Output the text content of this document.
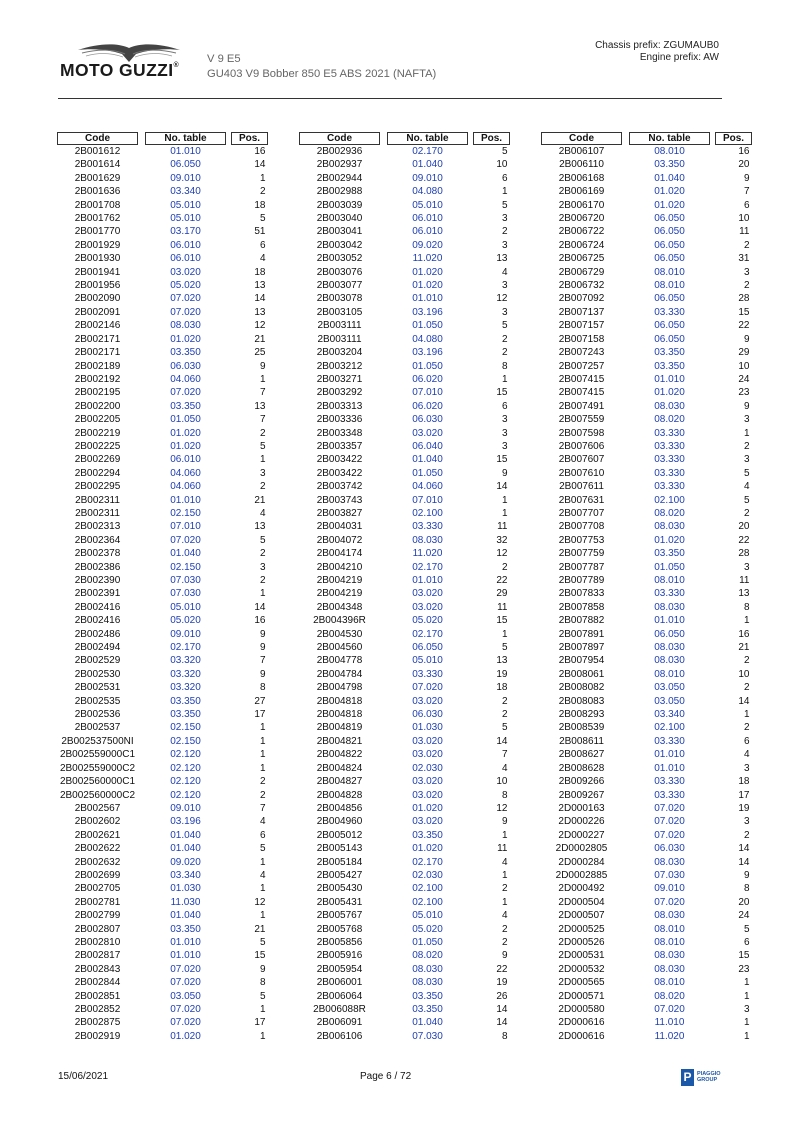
MOTO GUZZI®
V 9 E5
GU403 V9 Bobber 850 E5 ABS 2021 (NAFTA)
Chassis prefix: ZGUMAUB0
Engine prefix: AW
Code		No. table		Pos.
2B001612		01.010		16
2B001614		06.050		14
2B001629		09.010		1
2B001636		03.340		2
2B001708		05.010		18
2B001762		05.010		5
2B001770		03.170		51
2B001929		06.010		6
2B001930		06.010		4
2B001941		03.020		18
2B001956		05.020		13
2B002090		07.020		14
2B002091		07.020		13
2B002146		08.030		12
2B002171		01.020		21
2B002171		03.350		25
2B002189		06.030		9
2B002192		04.060		1
2B002195		07.020		7
2B002200		03.350		13
2B002205		01.050		7
2B002219		01.020		2
2B002225		01.020		5
2B002269		06.010		1
2B002294		04.060		3
2B002295		04.060		2
2B002311		01.010		21
2B002311		02.150		4
2B002313		07.010		13
2B002364		07.020		5
2B002378		01.040		2
2B002386		02.150		3
2B002390		07.030		2
2B002391		07.030		1
2B002416		05.010		14
2B002416		05.020		16
2B002486		09.010		9
2B002494		02.170		9
2B002529		03.320		7
2B002530		03.320		9
2B002531		03.320		8
2B002535		03.350		27
2B002536		03.350		17
2B002537		02.150		1
2B002537500NI		02.150		1
2B002559000C1		02.120		1
2B002559000C2		02.120		1
2B002560000C1		02.120		2
2B002560000C2		02.120		2
2B002567		09.010		7
2B002602		03.196		4
2B002621		01.040		6
2B002622		01.040		5
2B002632		09.020		1
2B002699		03.340		4
2B002705		01.030		1
2B002781		11.030		12
2B002799		01.040		1
2B002807		03.350		21
2B002810		01.010		5
2B002817		01.010		15
2B002843		07.020		9
2B002844		07.020		8
2B002851		03.050		5
2B002852		07.020		1
2B002875		07.020		17
2B002919		01.020		1
Code		No. table		Pos.
2B002936		02.170		5
2B002937		01.040		10
2B002944		09.010		6
2B002988		04.080		1
2B003039		05.010		5
2B003040		06.010		3
2B003041		06.010		2
2B003042		09.020		3
2B003052		11.020		13
2B003076		01.020		4
2B003077		01.020		3
2B003078		01.010		12
2B003105		03.196		3
2B003111		01.050		5
2B003111		04.080		2
2B003204		03.196		2
2B003212		01.050		8
2B003271		06.020		1
2B003292		07.010		15
2B003313		06.020		6
2B003336		06.030		3
2B003348		03.020		3
2B003357		06.040		3
2B003422		01.040		15
2B003422		01.050		9
2B003742		04.060		14
2B003743		07.010		1
2B003827		02.100		1
2B004031		03.330		11
2B004072		08.030		32
2B004174		11.020		12
2B004210		02.170		2
2B004219		01.010		22
2B004219		03.020		29
2B004348		03.020		11
2B004396R		05.020		15
2B004530		02.170		1
2B004560		06.050		5
2B004778		05.010		13
2B004784		03.330		19
2B004798		07.020		18
2B004818		03.020		2
2B004818		06.030		2
2B004819		01.030		5
2B004821		03.020		14
2B004822		03.020		7
2B004824		02.030		4
2B004827		03.020		10
2B004828		03.020		8
2B004856		01.020		12
2B004960		03.020		9
2B005012		03.350		1
2B005143		01.020		11
2B005184		02.170		4
2B005427		02.030		1
2B005430		02.100		2
2B005431		02.100		1
2B005767		05.010		4
2B005768		05.020		2
2B005856		01.050		2
2B005916		08.020		9
2B005954		08.030		22
2B006001		08.030		19
2B006064		03.350		26
2B006088R		03.350		14
2B006091		01.040		14
2B006106		07.030		8
Code		No. table		Pos.
2B006107		08.010		16
2B006110		03.350		20
2B006168		01.040		9
2B006169		01.020		7
2B006170		01.020		6
2B006720		06.050		10
2B006722		06.050		11
2B006724		06.050		2
2B006725		06.050		31
2B006729		08.010		3
2B006732		08.010		2
2B007092		06.050		28
2B007137		03.330		15
2B007157		06.050		22
2B007158		06.050		9
2B007243		03.350		29
2B007257		03.350		10
2B007415		01.010		24
2B007415		01.020		23
2B007491		08.030		9
2B007559		08.020		3
2B007598		03.330		1
2B007606		03.330		2
2B007607		03.330		3
2B007610		03.330		5
2B007611		03.330		4
2B007631		02.100		5
2B007707		08.020		2
2B007708		08.030		20
2B007753		01.020		22
2B007759		03.350		28
2B007787		01.050		3
2B007789		08.010		11
2B007833		03.330		13
2B007858		08.030		8
2B007882		01.010		1
2B007891		06.050		16
2B007897		08.030		21
2B007954		08.030		2
2B008061		08.010		10
2B008082		03.050		2
2B008083		03.050		14
2B008293		03.340		1
2B008539		02.100		2
2B008611		03.330		6
2B008627		01.010		4
2B008628		01.010		3
2B009266		03.330		18
2B009267		03.330		17
2D000163		07.020		19
2D000226		07.020		3
2D000227		07.020		2
2D0002805		06.030		14
2D000284		08.030		14
2D0002885		07.030		9
2D000492		09.010		8
2D000504		07.020		20
2D000507		08.030		24
2D000525		08.010		5
2D000526		08.010		6
2D000531		08.030		15
2D000532		08.030		23
2D000565		08.010		1
2D000571		08.020		1
2D000580		07.020		3
2D000616		11.010		1
2D000616		11.020		1
15/06/2021	Page 6 / 72	P	PIAGGIO
GROUP
